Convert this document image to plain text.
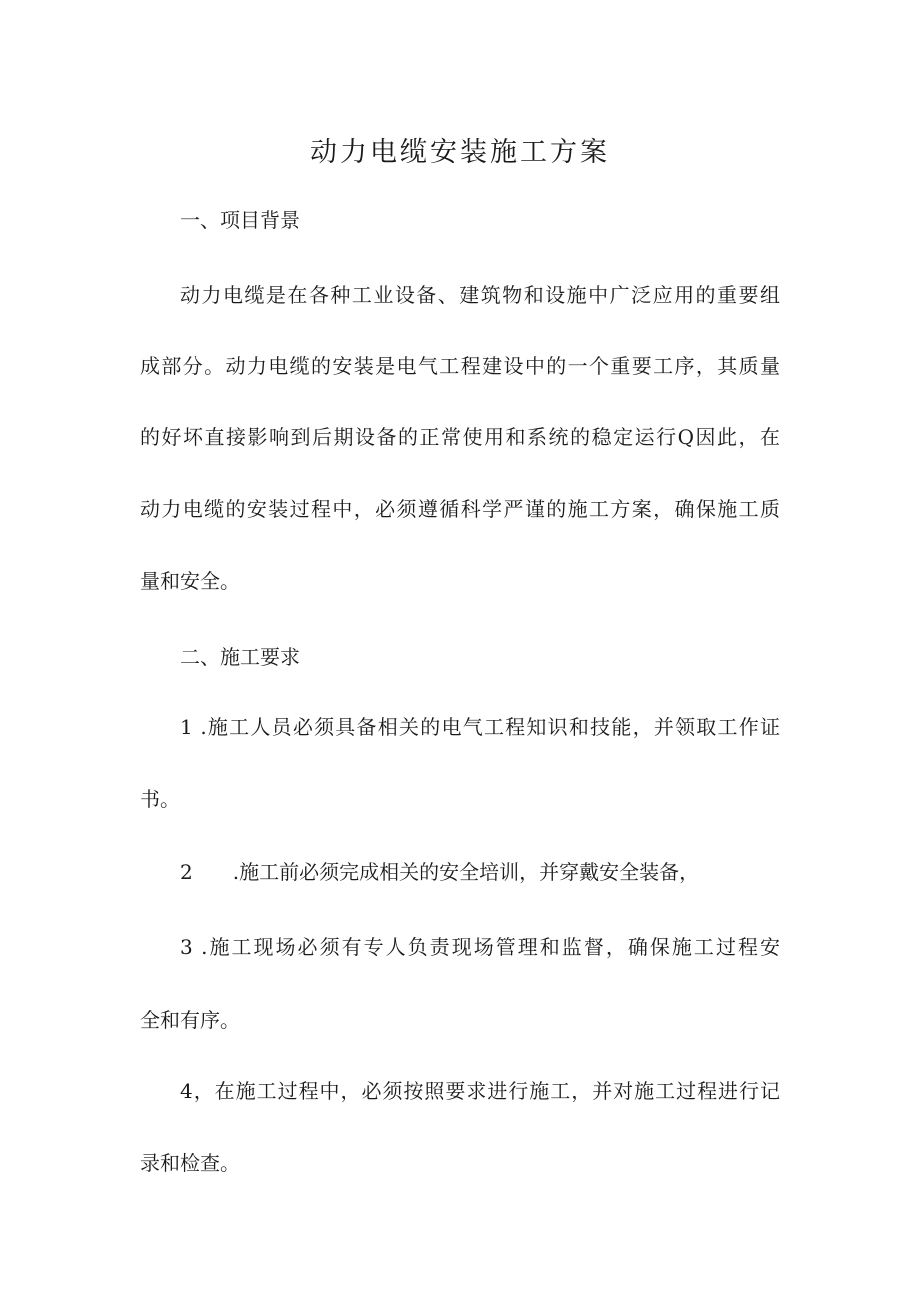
动力电缆安装施工方案
一、项目背景
动力电缆是在各种工业设备、建筑物和设施中广泛应用的重要组
成部分。动力电缆的安装是电气工程建设中的一个重要工序，其质量
的好坏直接影响到后期设备的正常使用和系统的稳定运行Q因此，在
动力电缆的安装过程中，必须遵循科学严谨的施工方案，确保施工质
量和安全。
二、施工要求
1 .施工人员必须具备相关的电气工程知识和技能，并领取工作证
书。
2　　.施工前必须完成相关的安全培训，并穿戴安全装备，
3 .施工现场必须有专人负责现场管理和监督，确保施工过程安
全和有序。
4，在施工过程中，必须按照要求进行施工，并对施工过程进行记
录和检查。
